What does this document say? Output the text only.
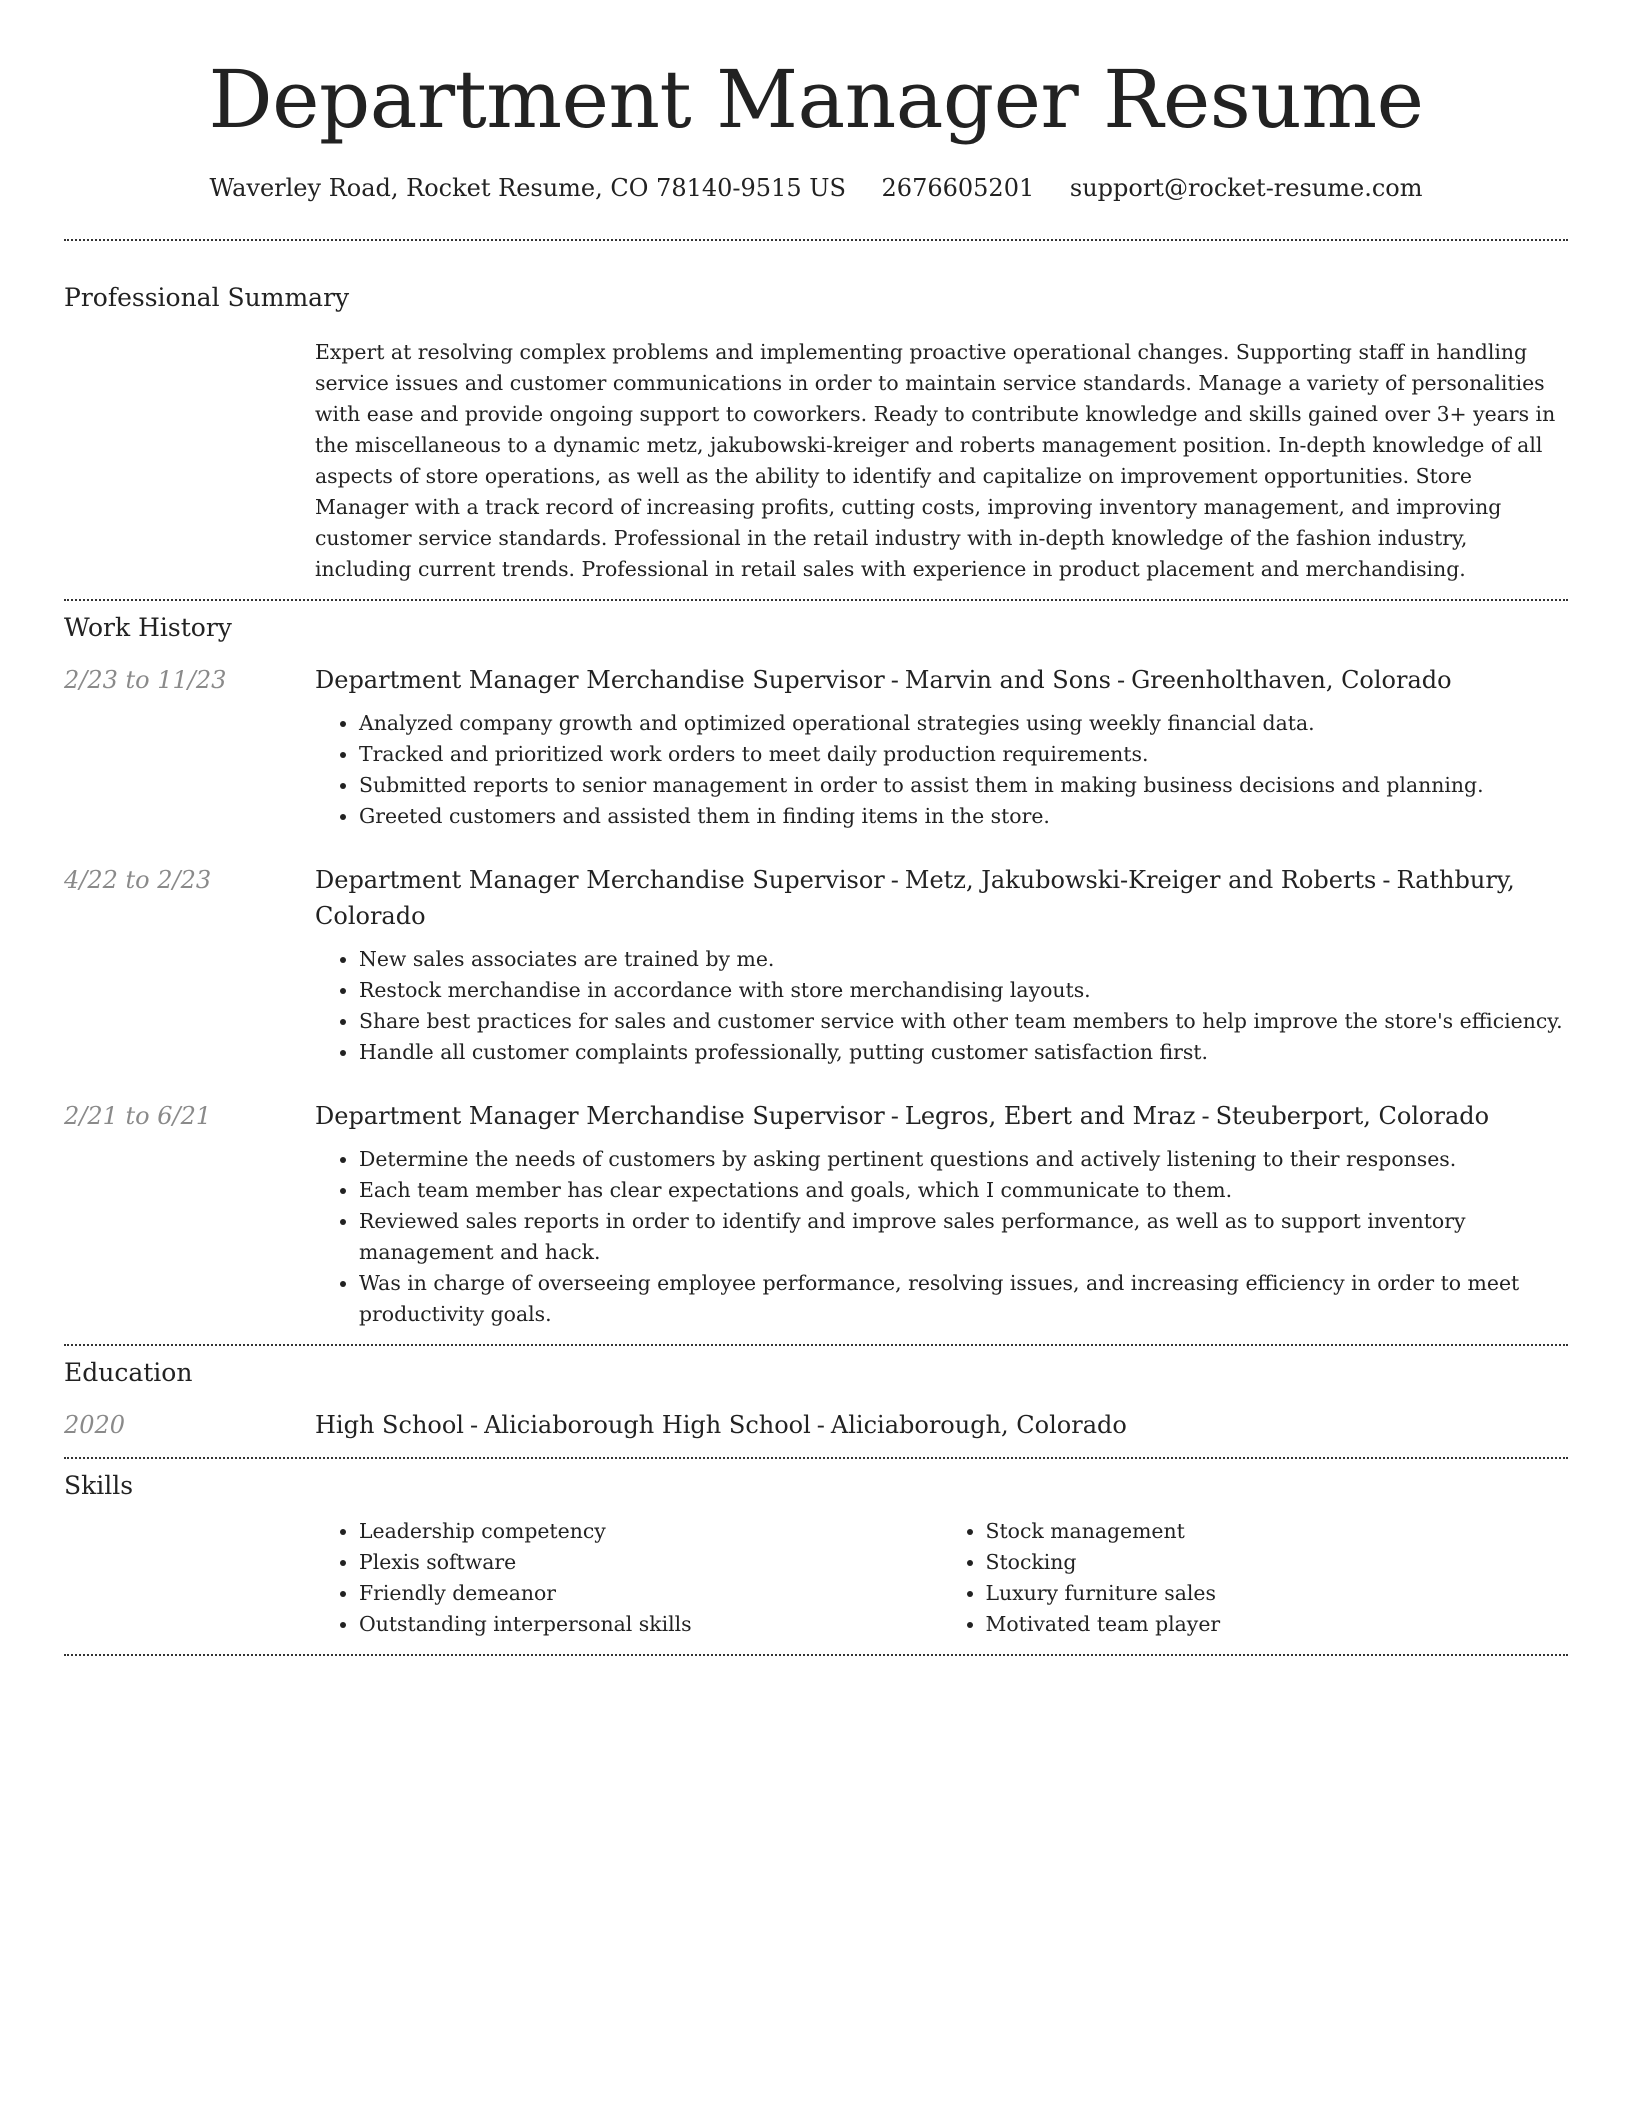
Department Manager Resume
Waverley Road, Rocket Resume, CO 78140-9515 US 2676605201 support@rocket-resume.com
Professional Summary
Expert at resolving complex problems and implementing proactive operational changes. Supporting staff in handling service issues and customer communications in order to maintain service standards. Manage a variety of personalities with ease and provide ongoing support to coworkers. Ready to contribute knowledge and skills gained over 3+ years in the miscellaneous to a dynamic metz, jakubowski-kreiger and roberts management position. In-depth knowledge of all aspects of store operations, as well as the ability to identify and capitalize on improvement opportunities. Store Manager with a track record of increasing profits, cutting costs, improving inventory management, and improving customer service standards. Professional in the retail industry with in-depth knowledge of the fashion industry, including current trends. Professional in retail sales with experience in product placement and merchandising.
Work History
2/23 to 11/23	Department Manager Merchandise Supervisor - Marvin and Sons - Greenholthaven, Colorado
• Analyzed company growth and optimized operational strategies using weekly financial data.
• Tracked and prioritized work orders to meet daily production requirements.
• Submitted reports to senior management in order to assist them in making business decisions and planning.
• Greeted customers and assisted them in finding items in the store.
4/22 to 2/23	Department Manager Merchandise Supervisor - Metz, Jakubowski-Kreiger and Roberts - Rathbury, Colorado
• New sales associates are trained by me.
• Restock merchandise in accordance with store merchandising layouts.
• Share best practices for sales and customer service with other team members to help improve the store's efficiency.
• Handle all customer complaints professionally, putting customer satisfaction first.
2/21 to 6/21	Department Manager Merchandise Supervisor - Legros, Ebert and Mraz - Steuberport, Colorado
• Determine the needs of customers by asking pertinent questions and actively listening to their responses.
• Each team member has clear expectations and goals, which I communicate to them.
• Reviewed sales reports in order to identify and improve sales performance, as well as to support inventory management and hack.
• Was in charge of overseeing employee performance, resolving issues, and increasing efficiency in order to meet productivity goals.
Education
2020	High School - Aliciaborough High School - Aliciaborough, Colorado
Skills
• Leadership competency
• Plexis software
• Friendly demeanor
• Outstanding interpersonal skills
• Stock management
• Stocking
• Luxury furniture sales
• Motivated team player
